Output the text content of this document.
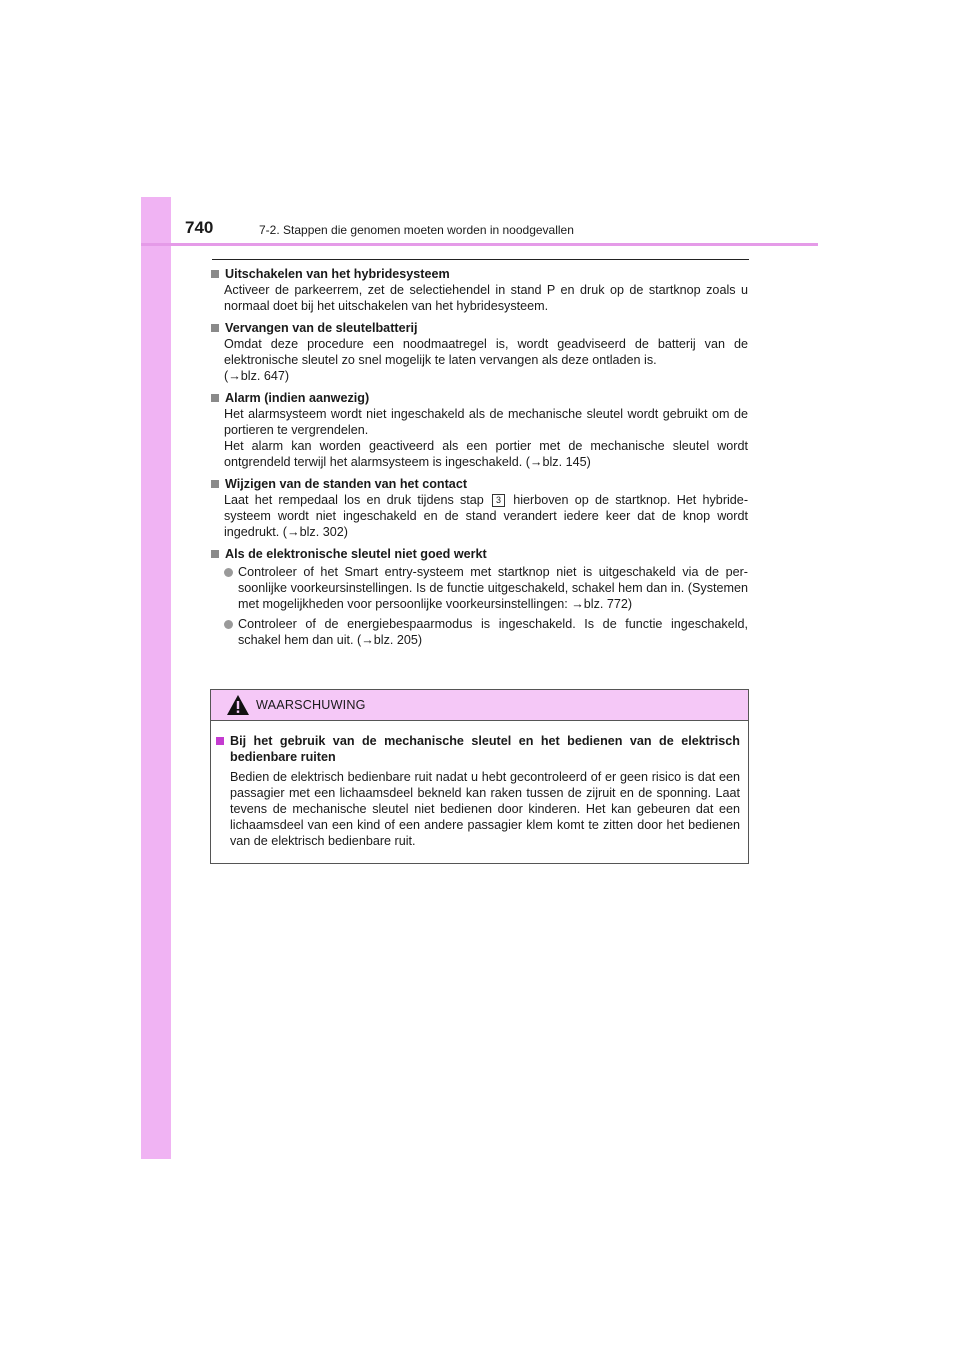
740	7-2. Stappen die genomen moeten worden in noodgevallen
Uitschakelen van het hybridesysteem
Activeer de parkeerrem, zet de selectiehendel in stand P en druk op de startknop zoals u normaal doet bij het uitschakelen van het hybridesysteem.
Vervangen van de sleutelbatterij
Omdat deze procedure een noodmaatregel is, wordt geadviseerd de batterij van de elektronische sleutel zo snel mogelijk te laten vervangen als deze ontladen is.
(→blz. 647)
Alarm (indien aanwezig)
Het alarmsysteem wordt niet ingeschakeld als de mechanische sleutel wordt gebruikt om de portieren te vergrendelen.
Het alarm kan worden geactiveerd als een portier met de mechanische sleutel wordt ontgrendeld terwijl het alarmsysteem is ingeschakeld. (→blz. 145)
Wijzigen van de standen van het contact
Laat het rempedaal los en druk tijdens stap 3 hierboven op de startknop. Het hybride-systeem wordt niet ingeschakeld en de stand verandert iedere keer dat de knop wordt ingedrukt. (→blz. 302)
Als de elektronische sleutel niet goed werkt
Controleer of het Smart entry-systeem met startknop niet is uitgeschakeld via de per-soonlijke voorkeursinstellingen. Is de functie uitgeschakeld, schakel hem dan in. (Systemen met mogelijkheden voor persoonlijke voorkeursinstellingen: →blz. 772)
Controleer of de energiebespaarmodus is ingeschakeld. Is de functie ingeschakeld, schakel hem dan uit. (→blz. 205)
WAARSCHUWING
Bij het gebruik van de mechanische sleutel en het bedienen van de elektrisch bedienbare ruiten
Bedien de elektrisch bedienbare ruit nadat u hebt gecontroleerd of er geen risico is dat een passagier met een lichaamsdeel bekneld kan raken tussen de zijruit en de sponning. Laat tevens de mechanische sleutel niet bedienen door kinderen. Het kan gebeuren dat een lichaamsdeel van een kind of een andere passagier klem komt te zitten door het bedienen van de elektrisch bedienbare ruit.
